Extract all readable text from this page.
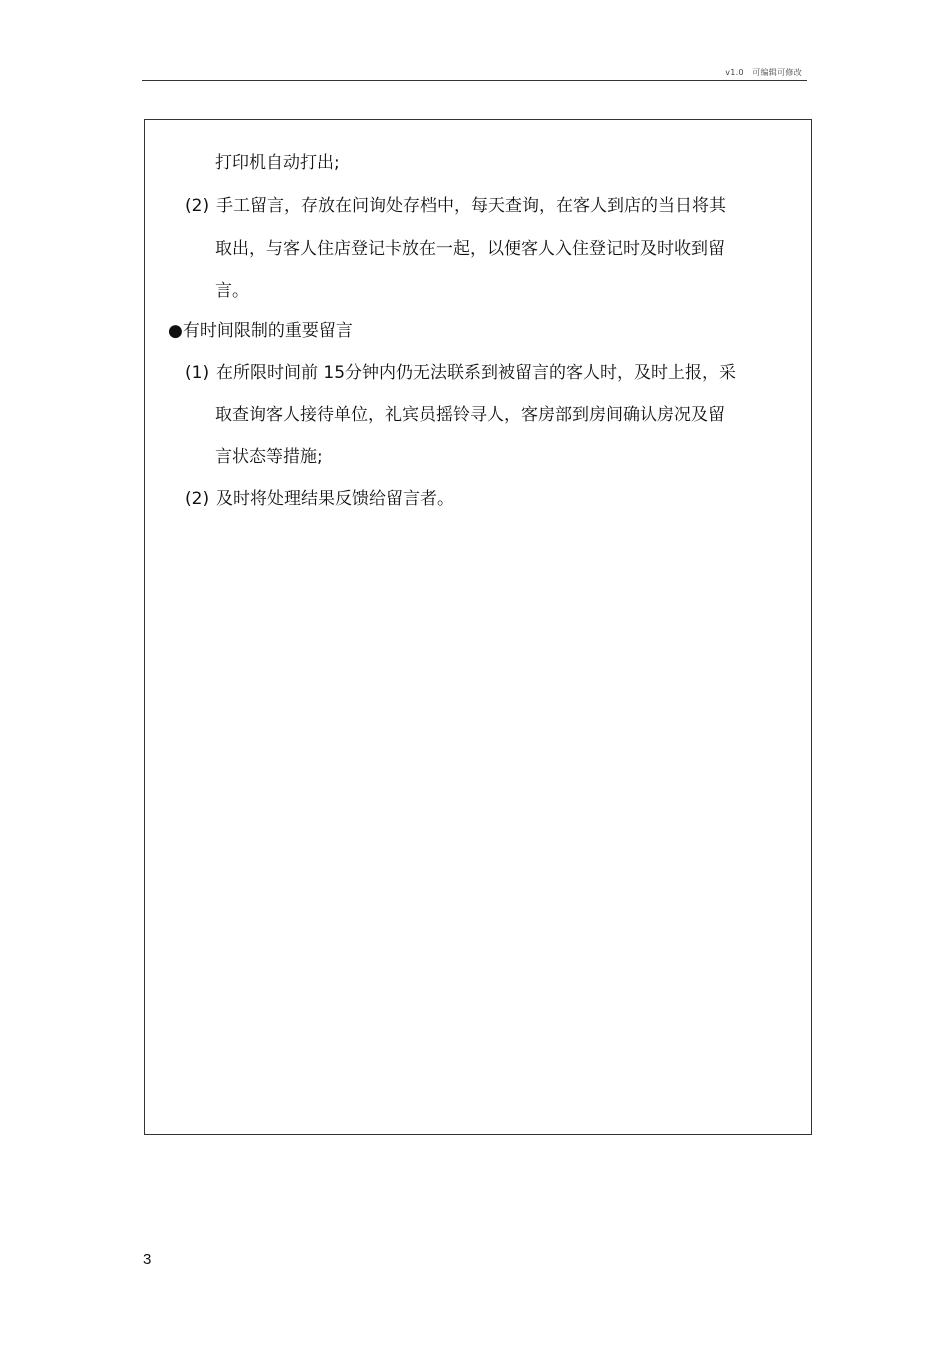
v1.0　可编辑可修改
打印机自动打出;
(2) 手工留言，存放在问询处存档中，每天查询，在客人到店的当日将其
取出，与客人住店登记卡放在一起，以便客人入住登记时及时收到留
言。
●有时间限制的重要留言
(1) 在所限时间前 15分钟内仍无法联系到被留言的客人时，及时上报，采
取查询客人接待单位，礼宾员摇铃寻人，客房部到房间确认房况及留
言状态等措施;
(2) 及时将处理结果反馈给留言者。
3
